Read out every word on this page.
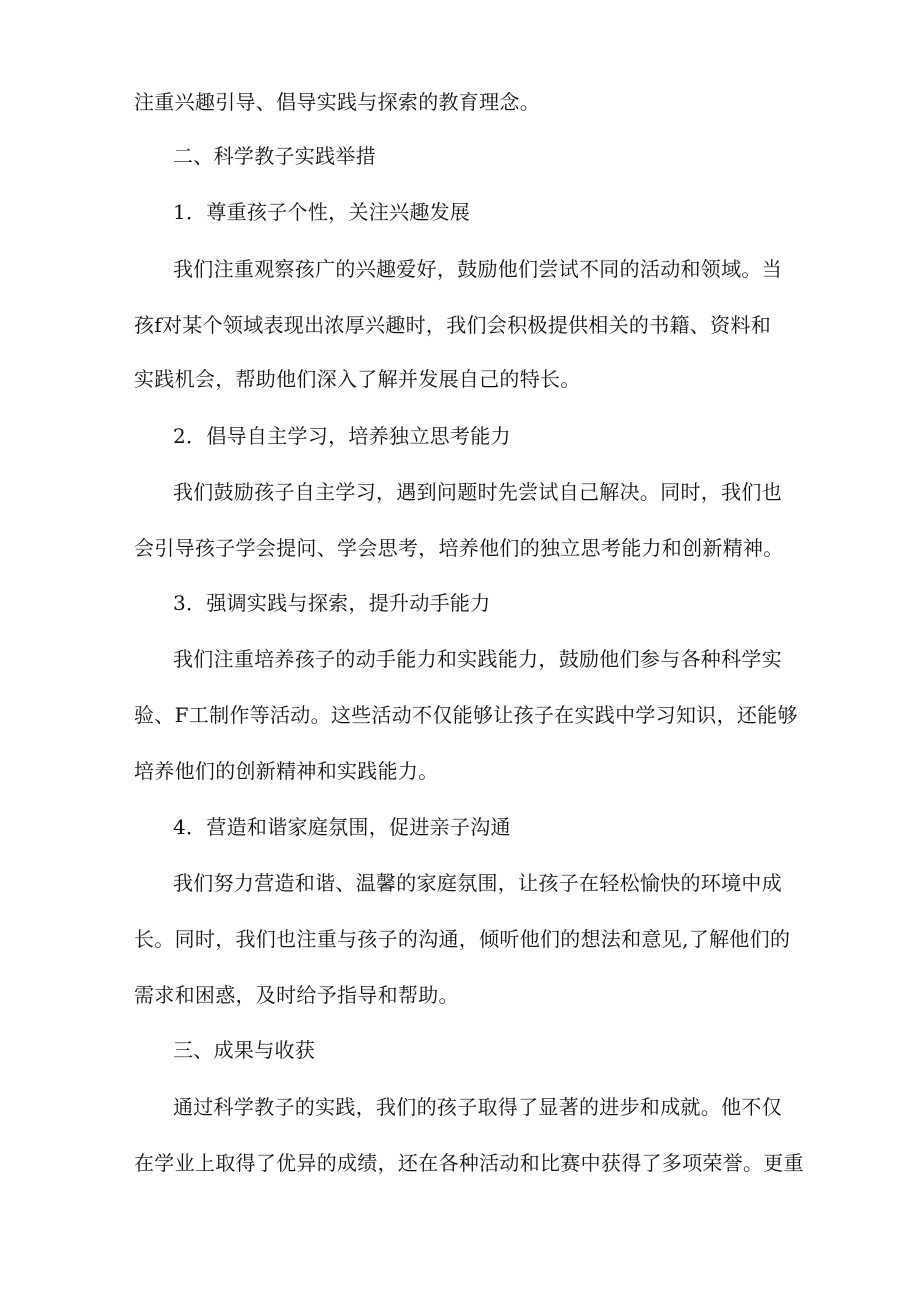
注重兴趣引导、倡导实践与探索的教育理念。
二、科学教子实践举措
1．尊重孩子个性，关注兴趣发展
我们注重观察孩广的兴趣爱好，鼓励他们尝试不同的活动和领域。当
孩f对某个领域表现出浓厚兴趣时，我们会积极提供相关的书籍、资料和
实践机会，帮助他们深入了解并发展自己的特长。
2．倡导自主学习，培养独立思考能力
我们鼓励孩子自主学习，遇到问题时先尝试自己解决。同时，我们也
会引导孩子学会提问、学会思考，培养他们的独立思考能力和创新精神。
3．强调实践与探索，提升动手能力
我们注重培养孩子的动手能力和实践能力，鼓励他们参与各种科学实
验、F工制作等活动。这些活动不仅能够让孩子在实践中学习知识，还能够
培养他们的创新精神和实践能力。
4．营造和谐家庭氛围，促进亲子沟通
我们努力营造和谐、温馨的家庭氛围，让孩子在轻松愉快的环境中成
长。同时，我们也注重与孩子的沟通，倾听他们的想法和意见,了解他们的
需求和困惑，及时给予指导和帮助。
三、成果与收获
通过科学教子的实践，我们的孩子取得了显著的进步和成就。他不仅
在学业上取得了优异的成绩，还在各种活动和比赛中获得了多项荣誉。更重
